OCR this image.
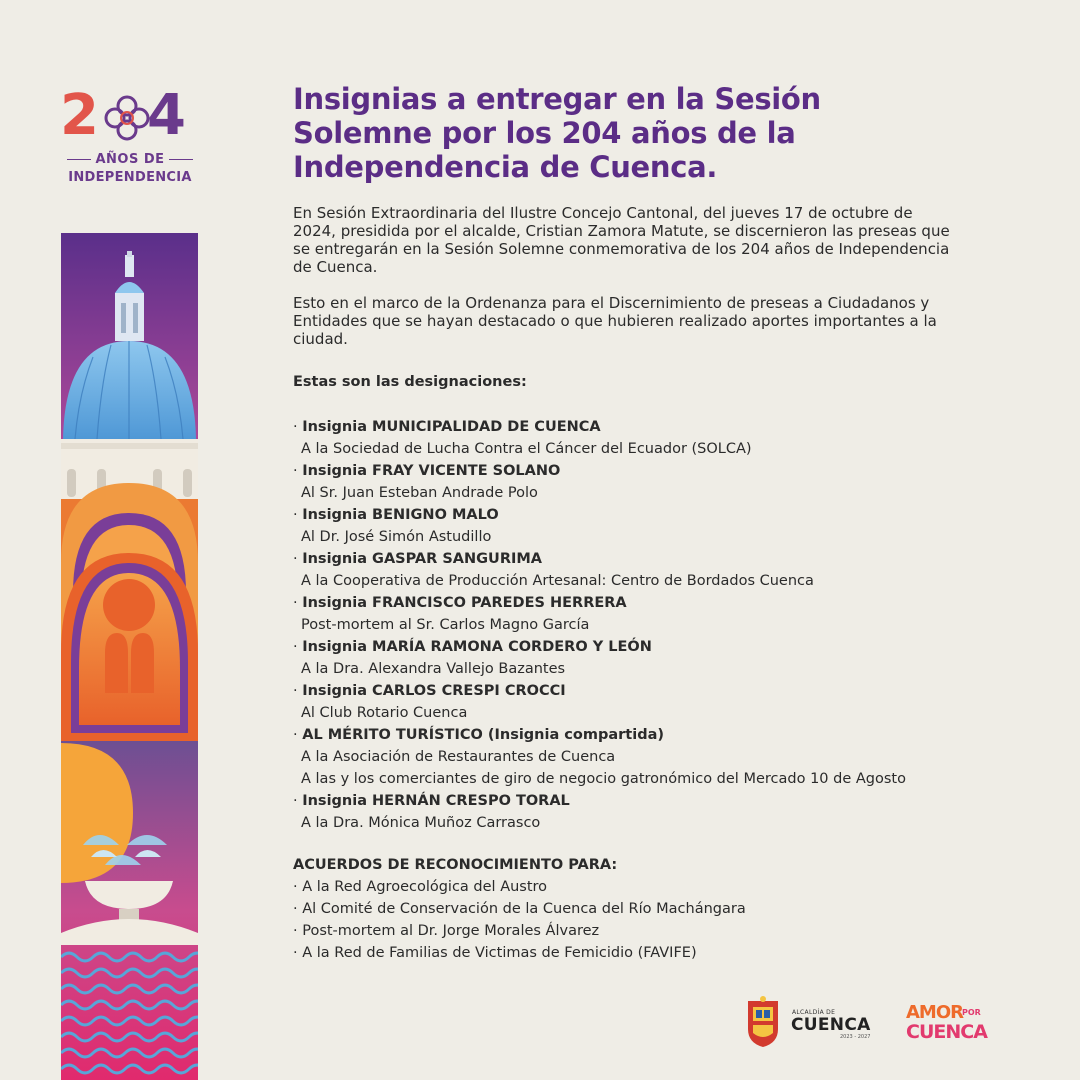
2 4
AÑOS DE
INDEPENDENCIA
Insignias a entregar en la Sesión Solemne por los 204 años de la Independencia de Cuenca.

En Sesión Extraordinaria del Ilustre Concejo Cantonal, del jueves 17 de octubre de 2024, presidida por el alcalde, Cristian Zamora Matute, se discernieron las preseas que se entregarán en la Sesión Solemne conmemorativa de los 204 años de Independencia de Cuenca.

Esto en el marco de la Ordenanza para el Discernimiento de preseas a Ciudadanos y Entidades que se hayan destacado o que hubieren realizado aportes importantes a la ciudad.

Estas son las designaciones:
· Insignia MUNICIPALIDAD DE CUENCA
A la Sociedad de Lucha Contra el Cáncer del Ecuador (SOLCA)
· Insignia FRAY VICENTE SOLANO
Al Sr. Juan Esteban Andrade Polo
· Insignia BENIGNO MALO
Al Dr. José Simón Astudillo
· Insignia GASPAR SANGURIMA
A la Cooperativa de Producción Artesanal: Centro de Bordados Cuenca
· Insignia FRANCISCO PAREDES HERRERA
Post-mortem al Sr. Carlos Magno García
· Insignia MARÍA RAMONA CORDERO Y LEÓN
A la Dra. Alexandra Vallejo Bazantes
· Insignia CARLOS CRESPI CROCCI
Al Club Rotario Cuenca
· AL MÉRITO TURÍSTICO (Insignia compartida)
A la Asociación de Restaurantes de Cuenca
A las y los comerciantes de giro de negocio gatronómico del Mercado 10 de Agosto
· Insignia HERNÁN CRESPO TORAL
A la Dra. Mónica Muñoz Carrasco
ACUERDOS DE RECONOCIMIENTO PARA:
· A la Red Agroecológica del Austro
· Al Comité de Conservación de la Cuenca del Río Machángara
· Post-mortem al Dr. Jorge Morales Álvarez
· A la Red de Familias de Victimas de Femicidio (FAVIFE)
ALCALDÍA DE
CUENCA
2023 - 2027
AMOR
POR
CUENCA
